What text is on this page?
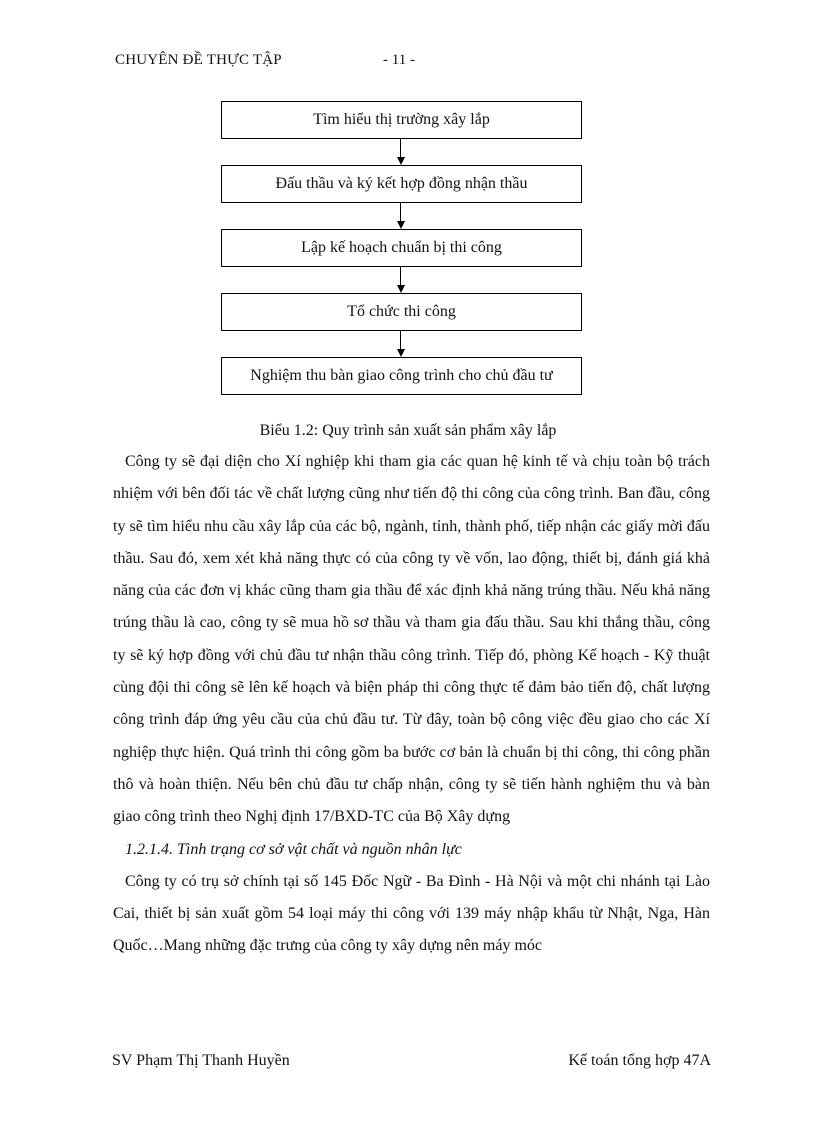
CHUYÊN ĐỀ THỰC TẬP	- 11 -
Tìm hiểu thị trường xây lắp
Đấu thầu và ký kết hợp đồng nhận thầu
Lập kế hoạch chuẩn bị thi công
Tổ chức thi công
Nghiệm thu bàn giao công trình cho chủ đầu tư
Biểu 1.2: Quy trình sản xuất sản phẩm xây lắp

Công ty sẽ đại diện cho Xí nghiệp khi tham gia các quan hệ kinh tế và chịu toàn bộ trách nhiệm với bên đối tác về chất lượng cũng như tiến độ thi công của công trình. Ban đầu, công ty sẽ tìm hiểu nhu cầu xây lắp của các bộ, ngành, tỉnh, thành phố, tiếp nhận các giấy mời đấu thầu. Sau đó, xem xét khả năng thực có của công ty về vốn, lao động, thiết bị, đánh giá khả năng của các đơn vị khác cũng tham gia thầu để xác định khả năng trúng thầu. Nếu khả năng trúng thầu là cao, công ty sẽ mua hồ sơ thầu và tham gia đấu thầu. Sau khi thắng thầu, công ty sẽ ký hợp đồng với chủ đầu tư nhận thầu công trình. Tiếp đó, phòng Kế hoạch - Kỹ thuật cùng đội thi công sẽ lên kế hoạch và biện pháp thi công thực tế đảm bảo tiến độ, chất lượng công trình đáp ứng yêu cầu của chủ đầu tư. Từ đây, toàn bộ công việc đều giao cho các Xí nghiệp thực hiện. Quá trình thi công gồm ba bước cơ bản là chuẩn bị thi công, thi công phần thô và hoàn thiện. Nếu bên chủ đầu tư chấp nhận, công ty sẽ tiến hành nghiệm thu và bàn giao công trình theo Nghị định 17/BXD-TC của Bộ Xây dựng

1.2.1.4. Tình trạng cơ sở vật chất và nguồn nhân lực

Công ty có trụ sở chính tại số 145 Đốc Ngữ - Ba Đình - Hà Nội và một chi nhánh tại Lào Cai, thiết bị sản xuất gồm 54 loại máy thi công với 139 máy nhập khẩu từ Nhật, Nga, Hàn Quốc…Mang những đặc trưng của công ty xây dựng nên máy móc

SV Phạm Thị Thanh Huyền	Kế toán tổng hợp 47A
